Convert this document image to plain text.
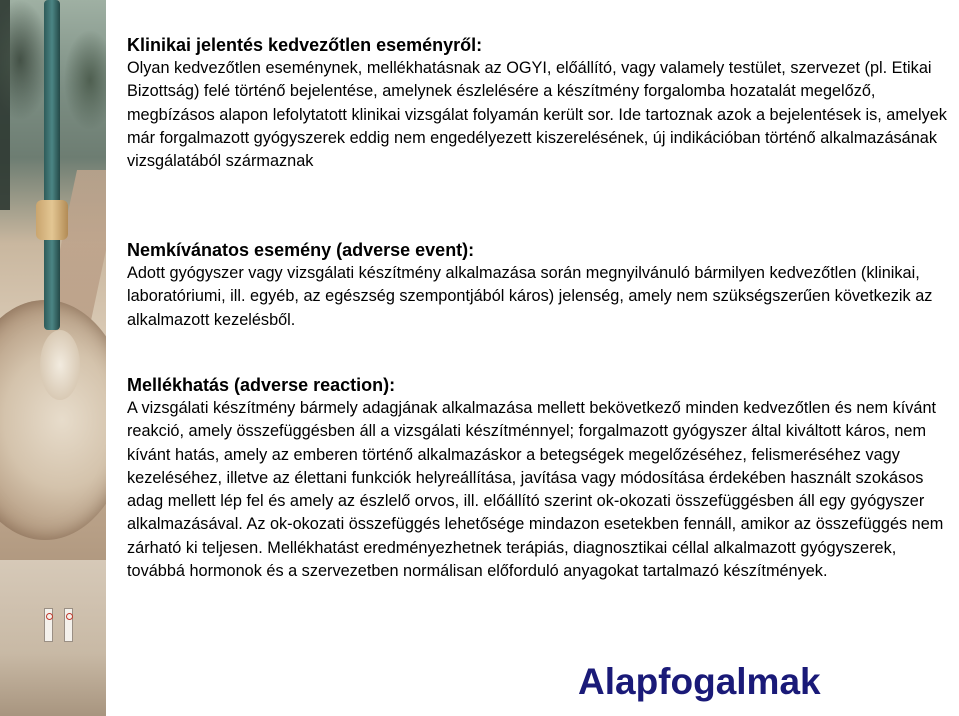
Klinikai jelentés kedvezőtlen eseményről:
Olyan kedvezőtlen eseménynek, mellékhatásnak az OGYI, előállító, vagy valamely testület, szervezet (pl. Etikai Bizottság) felé történő bejelentése, amelynek észlelésére a készítmény forgalomba hozatalát megelőző, megbízásos alapon lefolytatott klinikai vizsgálat folyamán került sor. Ide tartoznak azok a bejelentések is, amelyek már forgalmazott gyógyszerek eddig nem engedélyezett kiszerelésének, új indikációban történő alkalmazásának vizsgálatából származnak
Nemkívánatos esemény (adverse event):
Adott gyógyszer vagy vizsgálati készítmény alkalmazása során megnyilvánuló bármilyen kedvezőtlen (klinikai, laboratóriumi, ill. egyéb, az egészség szempontjából káros) jelenség, amely nem szükségszerűen következik az alkalmazott kezelésből.
Mellékhatás (adverse reaction):
A vizsgálati készítmény bármely adagjának alkalmazása mellett bekövetkező minden kedvezőtlen és nem kívánt reakció, amely összefüggésben áll a vizsgálati készítménnyel; forgalmazott gyógyszer által kiváltott káros, nem kívánt hatás, amely az emberen történő alkalmazáskor a betegségek megelőzéséhez, felismeréséhez vagy kezeléséhez, illetve az élettani funkciók helyreállítása, javítása vagy módosítása érdekében használt szokásos adag mellett lép fel és amely az észlelő orvos, ill. előállító szerint ok-okozati összefüggésben áll egy gyógyszer alkalmazásával. Az ok-okozati összefüggés lehetősége mindazon esetekben fennáll, amikor az összefüggés nem zárható ki teljesen. Mellékhatást eredményezhetnek terápiás, diagnosztikai céllal alkalmazott gyógyszerek, továbbá hormonok és a szervezetben normálisan előforduló anyagokat tartalmazó készítmények.
Alapfogalmak
